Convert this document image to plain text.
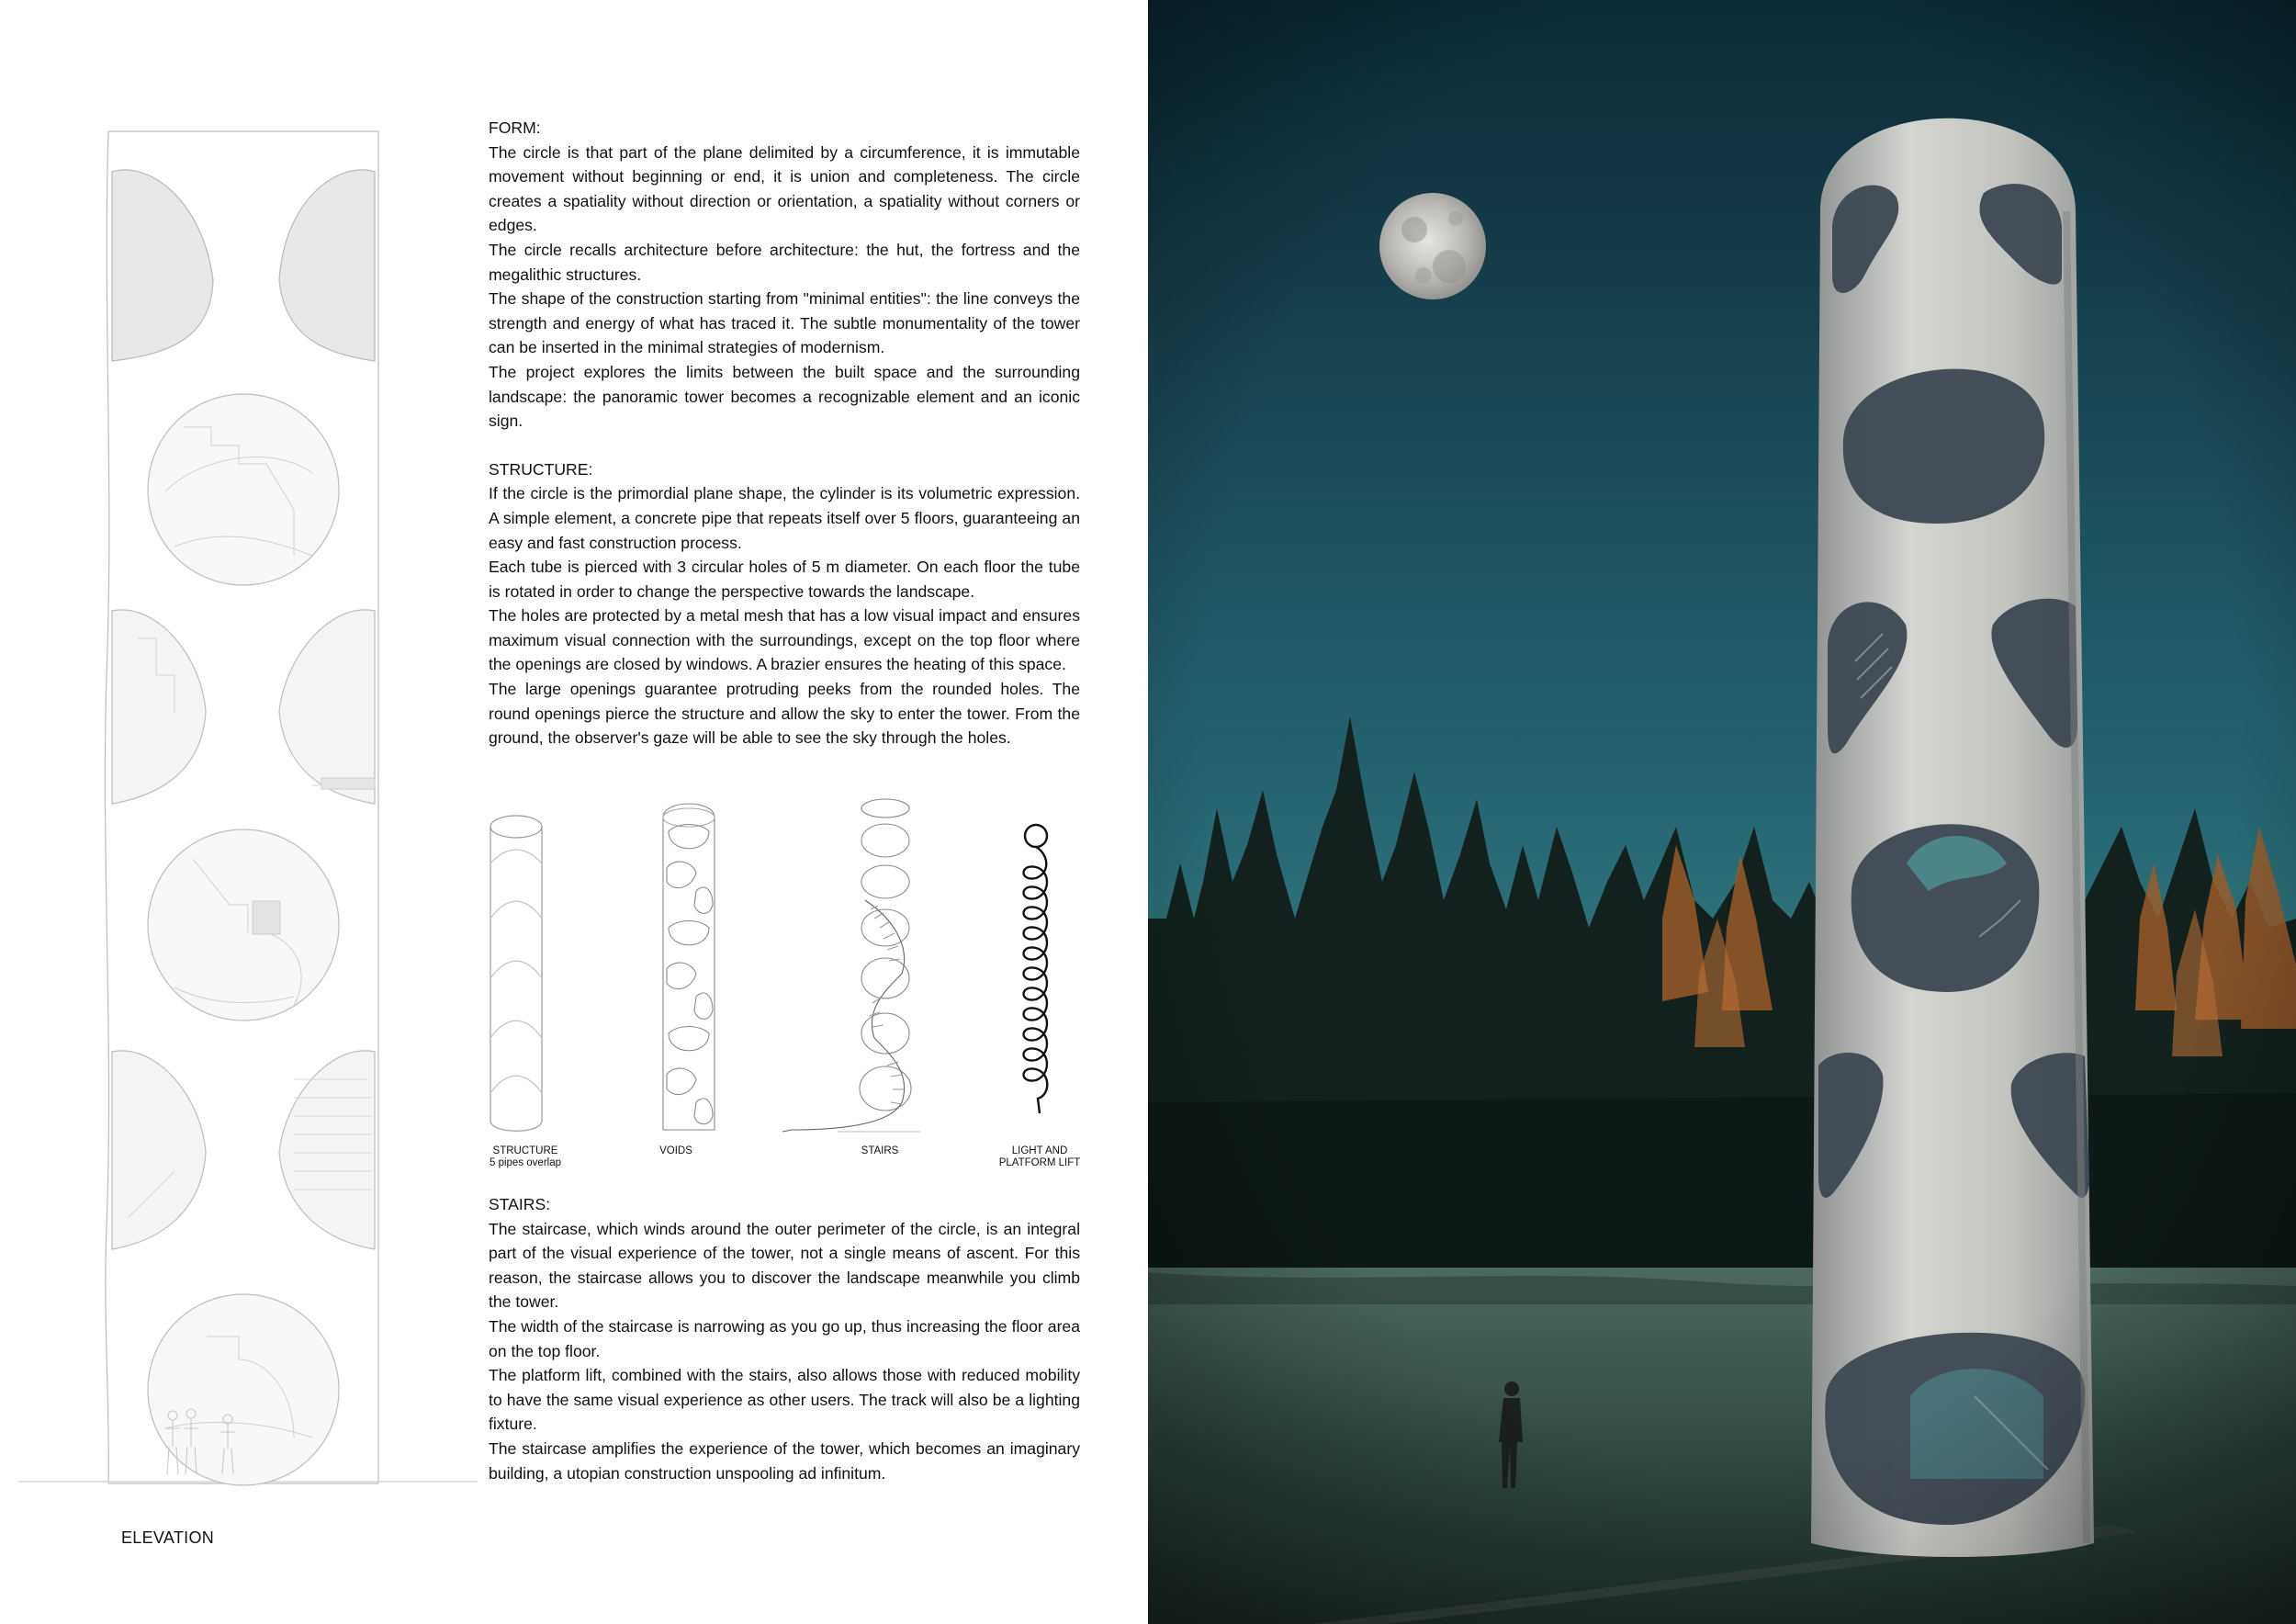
ELEVATION

FORM:

The circle is that part of the plane delimited by a circumference, it is immutable movement without beginning or end, it is union and completeness. The circle creates a spatiality without direction or orientation, a spatiality without corners or edges.

The circle recalls architecture before architecture: the hut, the fortress and the megalithic structures.

The shape of the construction starting from "minimal entities": the line conveys the strength and energy of what has traced it. The subtle monumentality of the tower can be inserted in the minimal strategies of modernism.

The project explores the limits between the built space and the surrounding landscape: the panoramic tower becomes a recognizable element and an iconic sign.

STRUCTURE:

If the circle is the primordial plane shape, the cylinder is its volumetric expression. A simple element, a concrete pipe that repeats itself over 5 floors, guaranteeing an easy and fast construction process.

Each tube is pierced with 3 circular holes of 5 m diameter. On each floor the tube is rotated in order to change the perspective towards the landscape.

The holes are protected by a metal mesh that has a low visual impact and ensures maximum visual connection with the surroundings, except on the top floor where the openings are closed by windows. A brazier ensures the heating of this space.

The large openings guarantee protruding peeks from the rounded holes. The round openings pierce the structure and allow the sky to enter the tower. From the ground, the observer's gaze will be able to see the sky through the holes.

STRUCTURE
5 pipes overlap
VOIDS	STAIRS	LIGHT AND
PLATFORM LIFT

STAIRS:

The staircase, which winds around the outer perimeter of the circle, is an integral part of the visual experience of the tower, not a single means of ascent. For this reason, the staircase allows you to discover the landscape meanwhile you climb the tower.

The width of the staircase is narrowing as you go up, thus increasing the floor area on the top floor.

The platform lift, combined with the stairs, also allows those with reduced mobility to have the same visual experience as other users. The track will also be a lighting fixture.

The staircase amplifies the experience of the tower, which becomes an imaginary building, a utopian construction unspooling ad infinitum.
